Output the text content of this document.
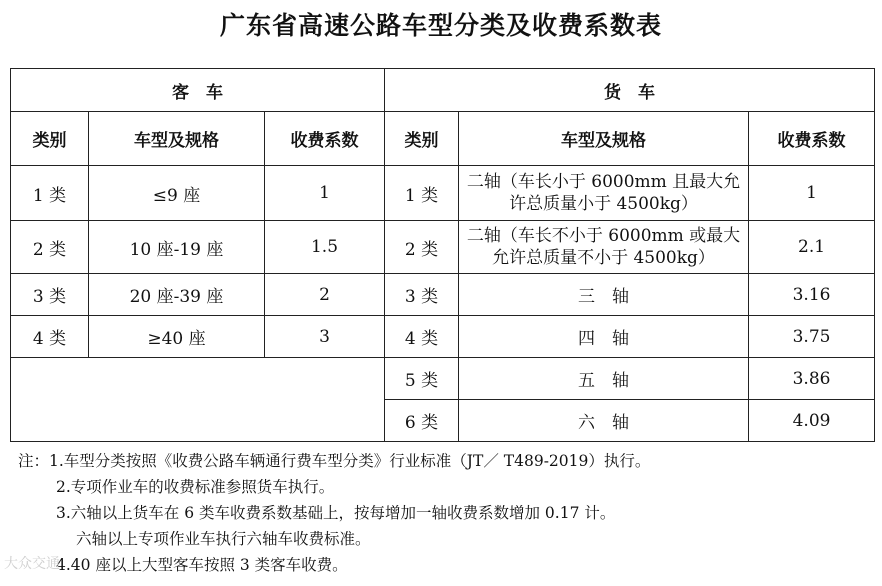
广东省高速公路车型分类及收费系数表
客　车			货　车		
类别	车型及规格	收费系数	类别	车型及规格	收费系数
1 类	≤9 座	1	1 类	二轴（车长小于 6000mm 且最大允许总质量小于 4500kg）	1
2 类	10 座-19 座	1.5	2 类	二轴（车长不小于 6000mm 或最大允许总质量不小于 4500kg）	2.1
3 类	20 座-39 座	2	3 类	三　轴	3.16
4 类	≥40 座	3	4 类	四　轴	3.75
			5 类	五　轴	3.86
			6 类	六　轴	4.09
注：1.车型分类按照《收费公路车辆通行费车型分类》行业标准（JT／ T489-2019）执行。
2.专项作业车的收费标准参照货车执行。
3.六轴以上货车在 6 类车收费系数基础上，按每增加一轴收费系数增加 0.17 计。
六轴以上专项作业车执行六轴车收费标准。
4.40 座以上大型客车按照 3 类客车收费。
大众交通
